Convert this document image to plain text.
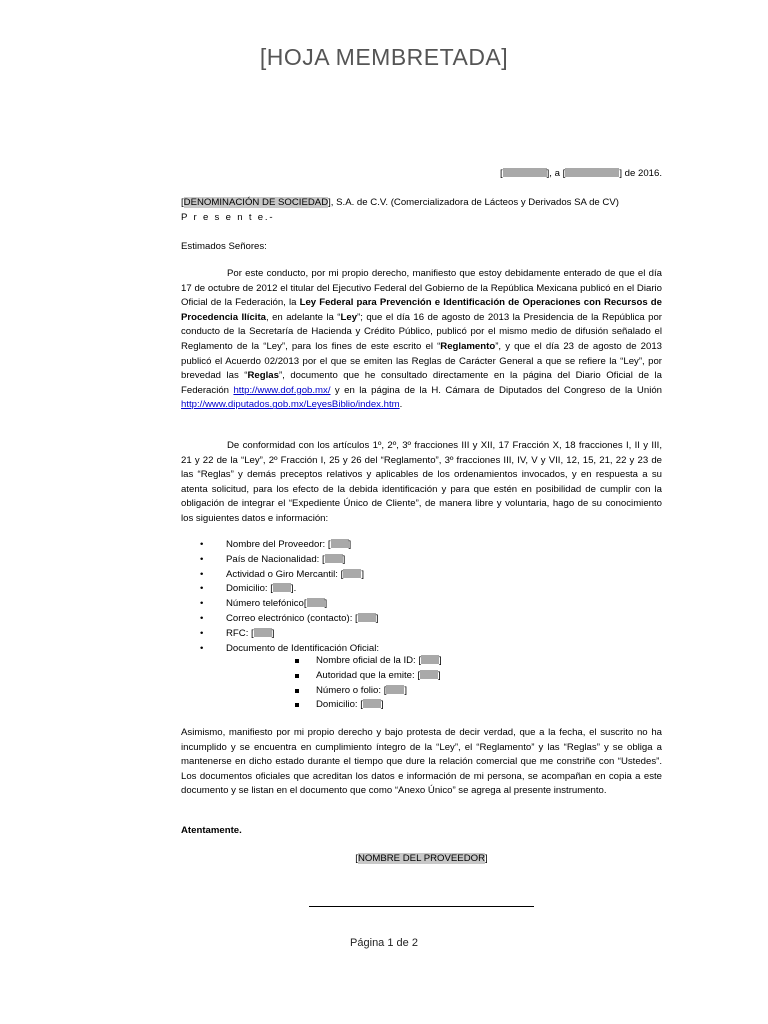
[HOJA MEMBRETADA]
[	], a [	] de 2016.
[DENOMINACIÓN DE SOCIEDAD], S.A. de C.V. (Comercializadora de Lácteos y Derivados SA de CV)
P r e s e n t e.-
Estimados Señores:

Por este conducto, por mi propio derecho, manifiesto que estoy debidamente enterado de que el día 17 de octubre de 2012 el titular del Ejecutivo Federal del Gobierno de la República Mexicana publicó en el Diario Oficial de la Federación, la Ley Federal para Prevención e Identificación de Operaciones con Recursos de Procedencia Ilícita, en adelante la “Ley”; que el día 16 de agosto de 2013 la Presidencia de la República por conducto de la Secretaría de Hacienda y Crédito Público, publicó por el mismo medio de difusión señalado el Reglamento de la “Ley”, para los fines de este escrito el “Reglamento”, y que el día 23 de agosto de 2013 publicó el Acuerdo 02/2013 por el que se emiten las Reglas de Carácter General a que se refiere la “Ley”, por brevedad las “Reglas”, documento que he consultado directamente en la página del Diario Oficial de la Federación http://www.dof.gob.mx/ y en la página de la H. Cámara de Diputados del Congreso de la Unión http://www.diputados.gob.mx/LeyesBiblio/index.htm.

De conformidad con los artículos 1º, 2º, 3º fracciones III y XII, 17 Fracción X, 18 fracciones I, II y III, 21 y 22 de la “Ley”, 2º Fracción I, 25 y 26 del “Reglamento”, 3º fracciones III, IV, V y VII, 12, 15, 21, 22 y 23 de las “Reglas” y demás preceptos relativos y aplicables de los ordenamientos invocados, y en respuesta a su atenta solicitud, para los efecto de la debida identificación y para que estén en posibilidad de cumplir con la obligación de integrar el “Expediente Único de Cliente”, de manera libre y voluntaria, hago de su conocimiento los siguientes datos e información:

• Nombre del Proveedor: [ ]
• País de Nacionalidad: [ ]
• Actividad o Giro Mercantil: [ ]
• Domicilio: [ ].
• Número telefónico[ ]
• Correo electrónico (contacto): [ ]
• RFC: [ ]
• Documento de Identificación Oficial:
Nombre oficial de la ID: [ ]
Autoridad que la emite: [ ]
Número o folio: [ ]
Domicilio: [ ]

Asimismo, manifiesto por mi propio derecho y bajo protesta de decir verdad, que a la fecha, el suscrito no ha incumplido y se encuentra en cumplimiento íntegro de la “Ley”, el “Reglamento” y las “Reglas” y se obliga a mantenerse en dicho estado durante el tiempo que dure la relación comercial que me constriñe con “Ustedes”. Los documentos oficiales que acreditan los datos e información de mi persona, se acompañan en copia a este documento y se listan en el documento que como “Anexo Único” se agrega al presente instrumento.

Atentamente.
[NOMBRE DEL PROVEEDOR]
Página 1 de 2
